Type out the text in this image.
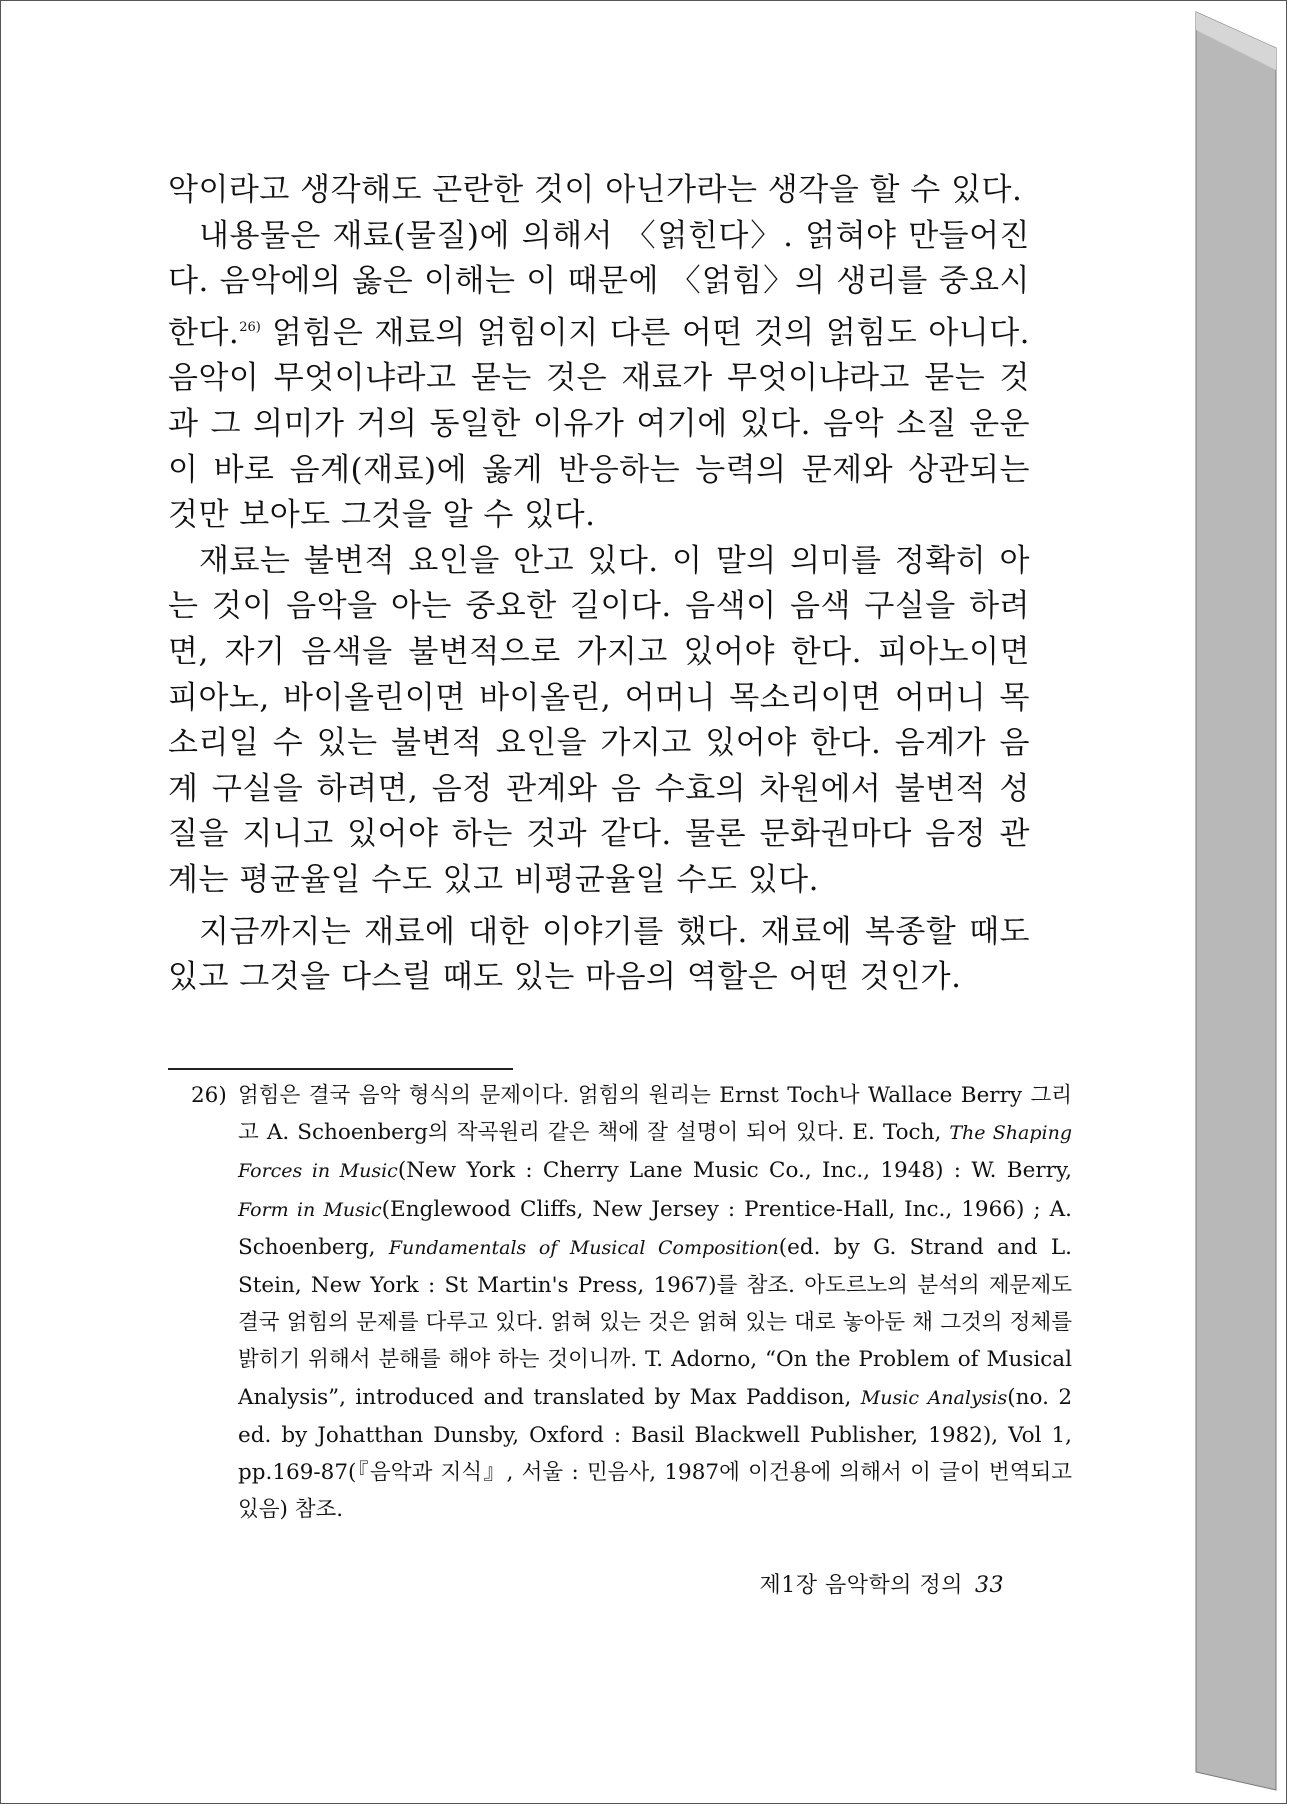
악이라고 생각해도 곤란한 것이 아닌가라는 생각을 할 수 있다.

내용물은 재료(물질)에 의해서 〈얽힌다〉. 얽혀야 만들어진다. 음악에의 옳은 이해는 이 때문에 〈얽힘〉의 생리를 중요시한다.$^{26)}$ 얽힘은 재료의 얽힘이지 다른 어떤 것의 얽힘도 아니다. 음악이 무엇이냐라고 묻는 것은 재료가 무엇이냐라고 묻는 것과 그 의미가 거의 동일한 이유가 여기에 있다. 음악 소질 운운이 바로 음계(재료)에 옳게 반응하는 능력의 문제와 상관되는 것만 보아도 그것을 알 수 있다.

재료는 불변적 요인을 안고 있다. 이 말의 의미를 정확히 아는 것이 음악을 아는 중요한 길이다. 음색이 음색 구실을 하려면, 자기 음색을 불변적으로 가지고 있어야 한다. 피아노이면 피아노, 바이올린이면 바이올린, 어머니 목소리이면 어머니 목소리일 수 있는 불변적 요인을 가지고 있어야 한다. 음계가 음계 구실을 하려면, 음정 관계와 음 수효의 차원에서 불변적 성질을 지니고 있어야 하는 것과 같다. 물론 문화권마다 음정 관계는 평균율일 수도 있고 비평균율일 수도 있다.

지금까지는 재료에 대한 이야기를 했다. 재료에 복종할 때도 있고 그것을 다스릴 때도 있는 마음의 역할은 어떤 것인가.

26) 얽힘은 결국 음악 형식의 문제이다. 얽힘의 원리는 Ernst Toch나 Wallace Berry 그리고 A. Schoenberg의 작곡원리 같은 책에 잘 설명이 되어 있다. E. Toch, The Shaping Forces in Music(New York : Cherry Lane Music Co., Inc., 1948) : W. Berry, Form in Music(Englewood Cliffs, New Jersey : Prentice-Hall, Inc., 1966) ; A. Schoenberg, Fundamentals of Musical Composition(ed. by G. Strand and L. Stein, New York : St Martin's Press, 1967)를 참조. 아도르노의 분석의 제문제도 결국 얽힘의 문제를 다루고 있다. 얽혀 있는 것은 얽혀 있는 대로 놓아둔 채 그것의 정체를 밝히기 위해서 분해를 해야 하는 것이니까. T. Adorno, “On the Problem of Musical Analysis”, introduced and translated by Max Paddison, Music Analysis(no. 2 ed. by Johatthan Dunsby, Oxford : Basil Blackwell Publisher, 1982), Vol 1, pp.169-87(『음악과 지식』, 서울 : 민음사, 1987에 이건용에 의해서 이 글이 번역되고 있음) 참조.
제1장 음악학의 정의 33
